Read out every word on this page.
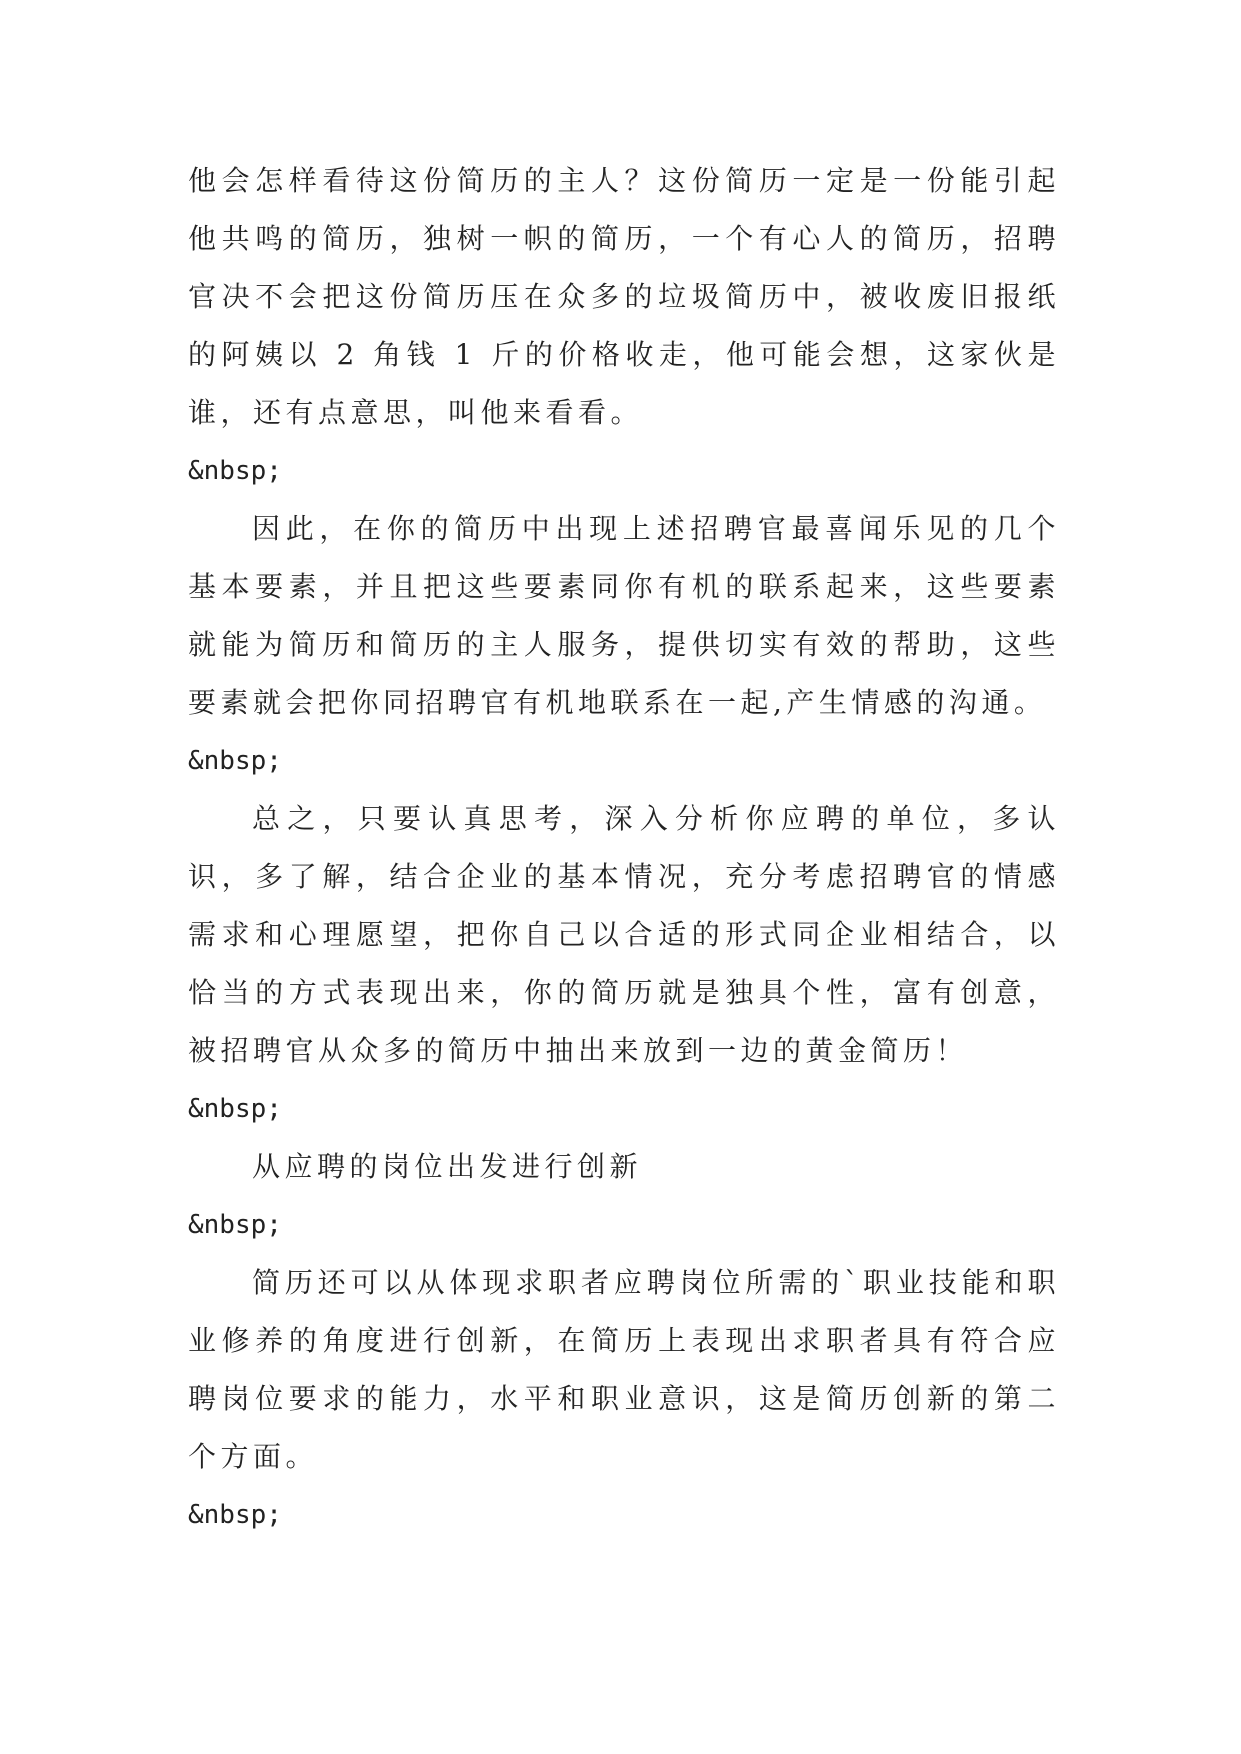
他会怎样看待这份简历的主人？这份简历一定是一份能引起他共鸣的简历，独树一帜的简历，一个有心人的简历，招聘官决不会把这份简历压在众多的垃圾简历中，被收废旧报纸的阿姨以 2 角钱 1 斤的价格收走，他可能会想，这家伙是谁，还有点意思，叫他来看看。

&nbsp;

因此，在你的简历中出现上述招聘官最喜闻乐见的几个基本要素，并且把这些要素同你有机的联系起来，这些要素就能为简历和简历的主人服务，提供切实有效的帮助，这些要素就会把你同招聘官有机地联系在一起,产生情感的沟通。

&nbsp;

总之，只要认真思考，深入分析你应聘的单位，多认识，多了解，结合企业的基本情况，充分考虑招聘官的情感需求和心理愿望，把你自己以合适的形式同企业相结合，以恰当的方式表现出来，你的简历就是独具个性，富有创意，被招聘官从众多的简历中抽出来放到一边的黄金简历！

&nbsp;

从应聘的岗位出发进行创新

&nbsp;

简历还可以从体现求职者应聘岗位所需的`职业技能和职业修养的角度进行创新，在简历上表现出求职者具有符合应聘岗位要求的能力，水平和职业意识，这是简历创新的第二个方面。

&nbsp;
